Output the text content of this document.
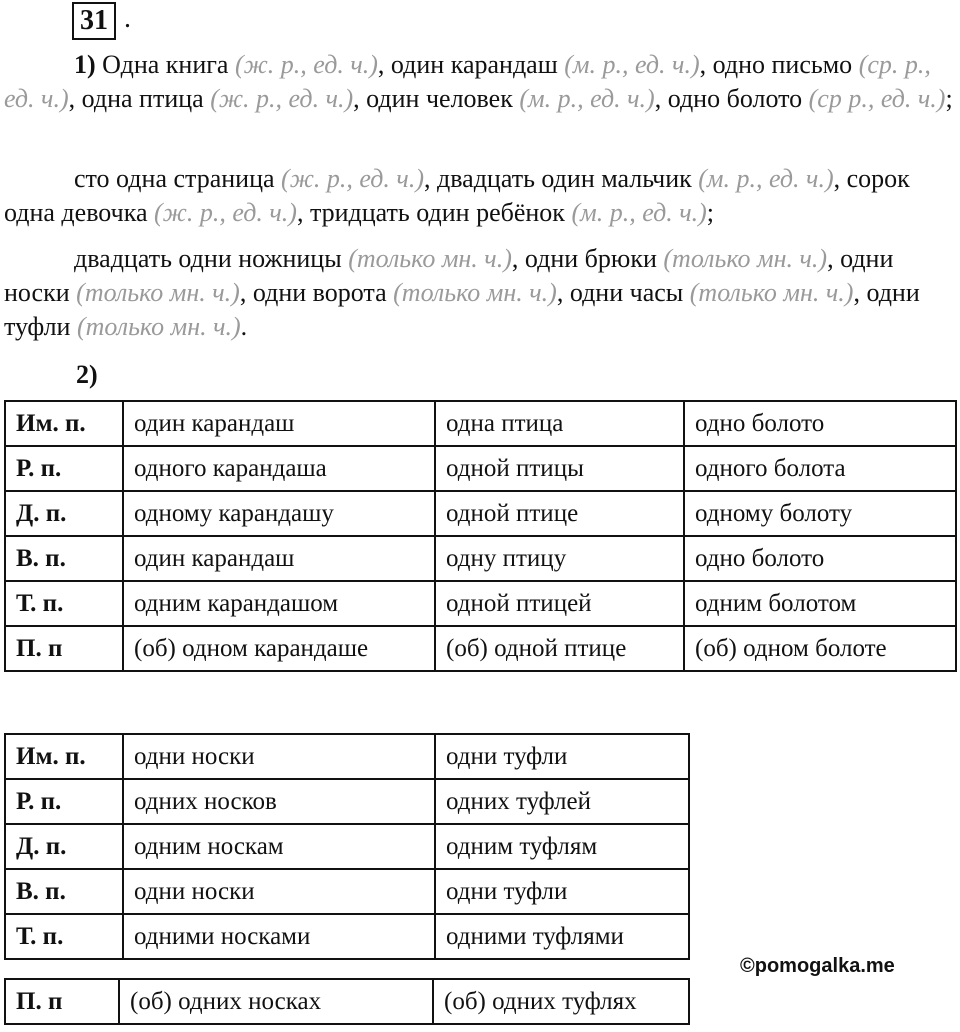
31 .

1) Одна книга (ж. р., ед. ч.), один карандаш (м. р., ед. ч.), одно письмо (ср. р., ед. ч.), одна птица (ж. р., ед. ч.), один человек (м. р., ед. ч.), одно болото (ср р., ед. ч.);

сто одна страница (ж. р., ед. ч.), двадцать один мальчик (м. р., ед. ч.), сорок одна девочка (ж. р., ед. ч.), тридцать один ребёнок (м. р., ед. ч.);

двадцать одни ножницы (только мн. ч.), одни брюки (только мн. ч.), одни носки (только мн. ч.), одни ворота (только мн. ч.), одни часы (только мн. ч.), одни туфли (только мн. ч.).

2)
Им. п.	один карандаш	одна птица	одно болото
Р. п.	одного карандаша	одной птицы	одного болота
Д. п.	одному карандашу	одной птице	одному болоту
В. п.	один карандаш	одну птицу	одно болото
Т. п.	одним карандашом	одной птицей	одним болотом
П. п	(об) одном карандаше	(об) одной птице	(об) одном болоте
Им. п.	одни носки	одни туфли
Р. п.	одних носков	одних туфлей
Д. п.	одним носкам	одним туфлям
В. п.	одни носки	одни туфли
Т. п.	одними носками	одними туфлями
П. п	(об) одних носках	(об) одних туфлях
©pomogalka.me
